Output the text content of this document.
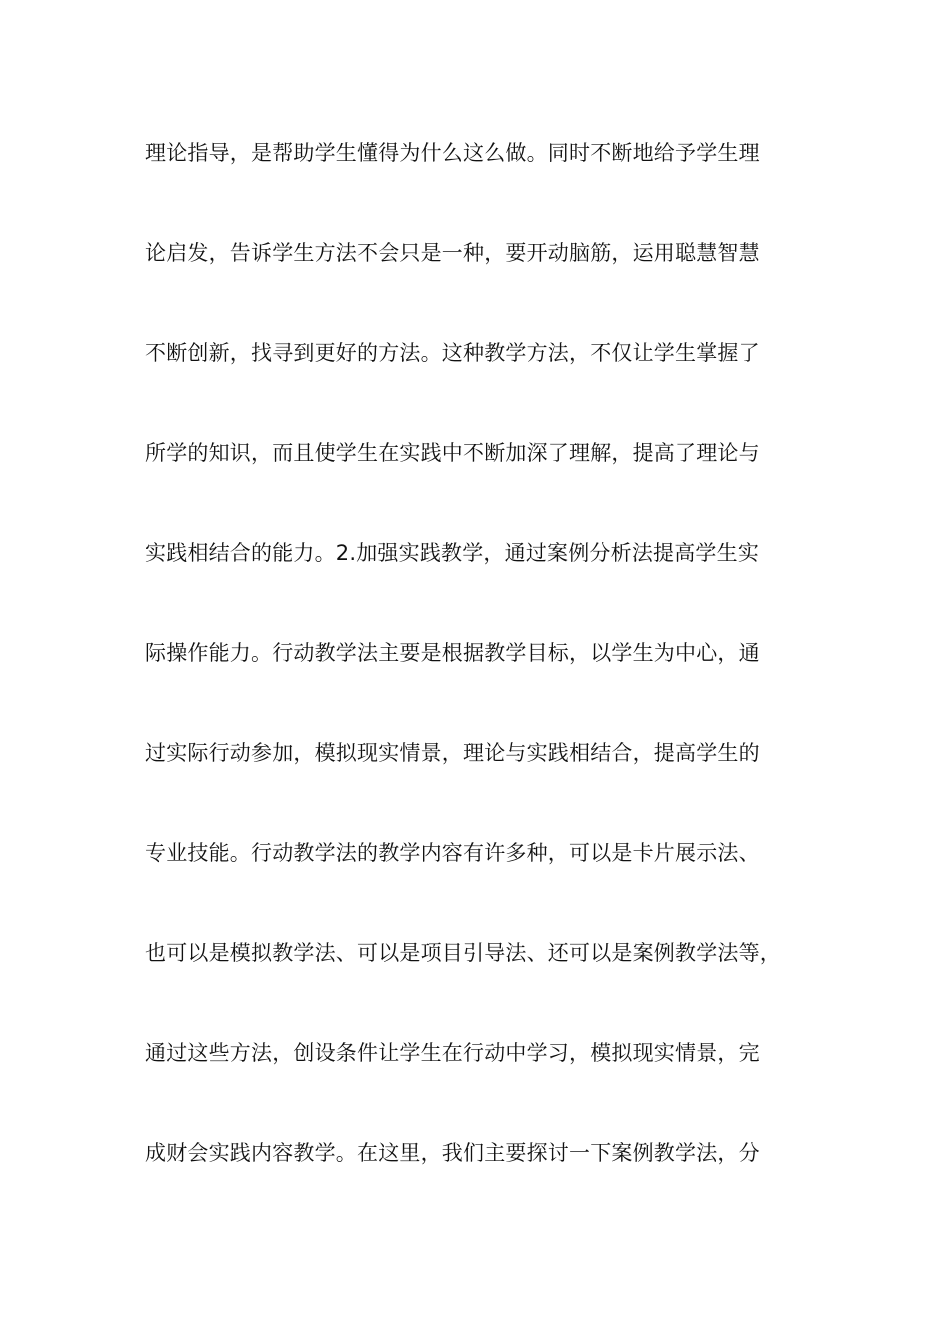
理论指导，是帮助学生懂得为什么这么做。同时不断地给予学生理
论启发，告诉学生方法不会只是一种，要开动脑筋，运用聪慧智慧
不断创新，找寻到更好的方法。这种教学方法，不仅让学生掌握了
所学的知识，而且使学生在实践中不断加深了理解，提高了理论与
实践相结合的能力。2.加强实践教学，通过案例分析法提高学生实
际操作能力。行动教学法主要是根据教学目标，以学生为中心，通
过实际行动参加，模拟现实情景，理论与实践相结合，提高学生的
专业技能。行动教学法的教学内容有许多种，可以是卡片展示法、
也可以是模拟教学法、可以是项目引导法、还可以是案例教学法等，
通过这些方法，创设条件让学生在行动中学习，模拟现实情景，完
成财会实践内容教学。在这里，我们主要探讨一下案例教学法，分
